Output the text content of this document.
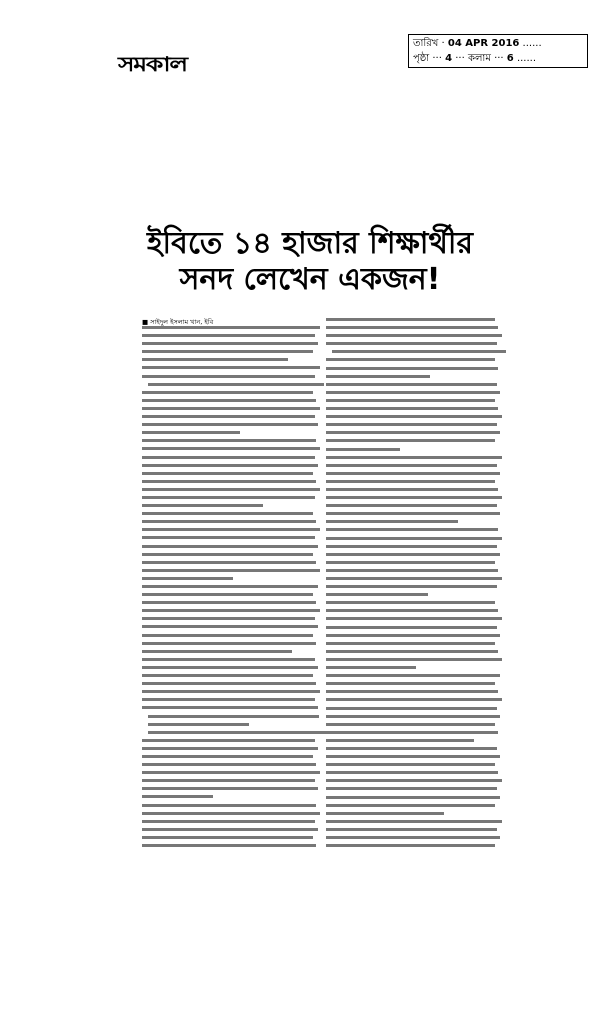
সমকাল
তারিখ · 04 APR 2016 ......
পৃষ্ঠা ··· 4 ··· কলাম ··· 6 ......
ইবিতে ১৪ হাজার শিক্ষার্থীর
সনদ লেখেন একজন!
■ সাইদুল ইসলাম খান, ইবি
